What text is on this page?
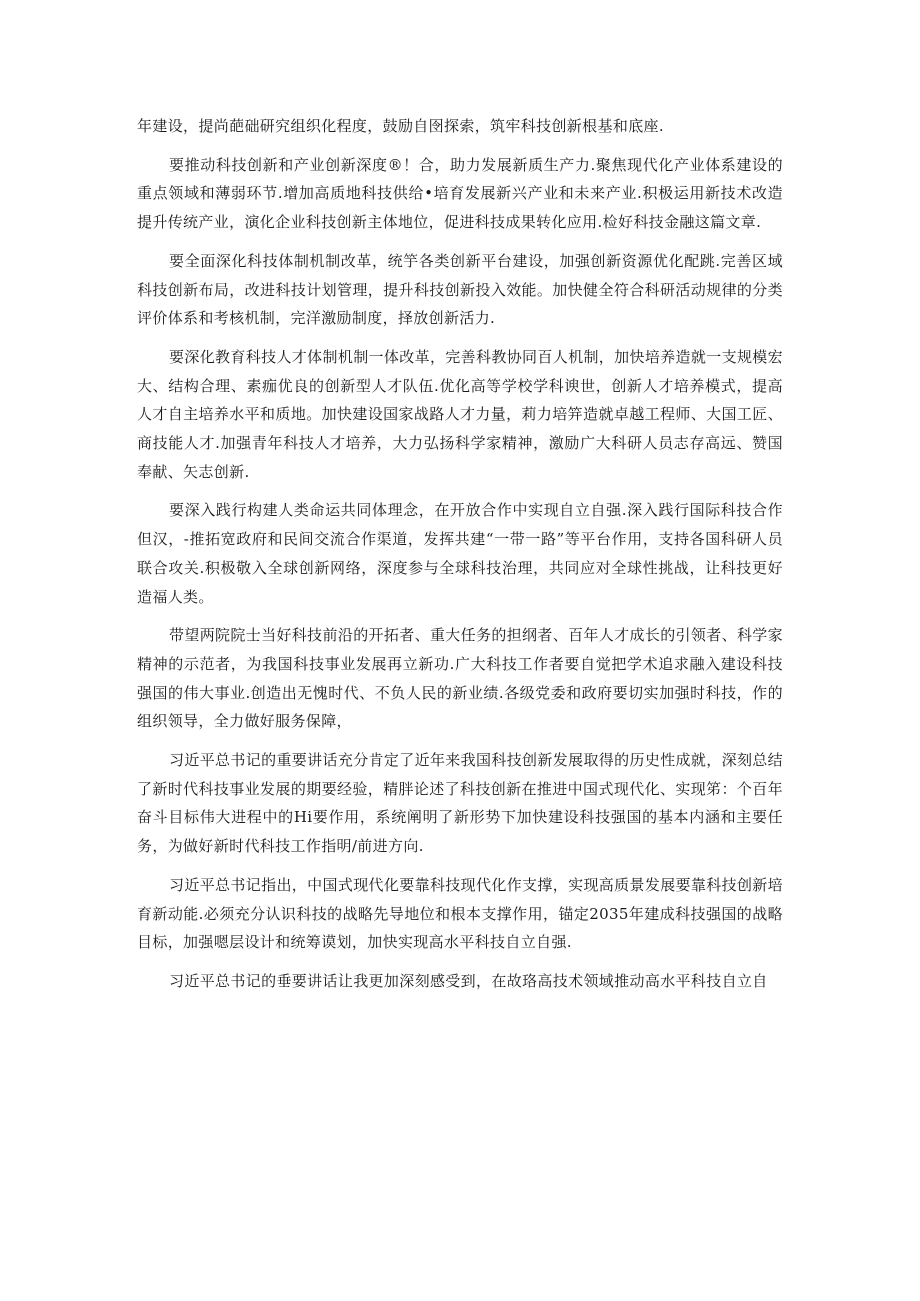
年建设，提尚葩础研究组织化程度，鼓励自囹探索，筑牢科技创新根基和底座.

要推动科技创新和产业创新深度®！合，助力发展新质生产力.聚焦现代化产业体系建设的重点领域和薄弱环节.增加高质地科技供给•培育发展新兴产业和未来产业.积极运用新技术改造提升传统产业，演化企业科技创新主体地位，促进科技成果转化应用.检好科技金融这篇文章.

要全面深化科技体制机制改革，统竽各类创新平台建设，加强创新资源优化配跳.完善区域科技创新布局，改进科技计划管理，提升科技创新投入效能。加快健全符合科研活动规律的分类评价体系和考核机制，完洋激励制度，择放创新活力.

要深化教育科技人才体制机制一体改革，完善科教协同百人机制，加快培养造就一支规模宏大、结构合理、素痂优良的创新型人才队伍.优化高等学校学科谀世，创新人才培养模式，提高人才自主培养水平和质地。加快建设国家战路人才力量，莉力培笄造就卓越工程师、大国工匠、商技能人才.加强青年科技人才培养，大力弘扬科学家精神，激励广大科研人员志存高远、赞国奉献、矢志创新.

要深入践行构建人类命运共同体理念，在开放合作中实现自立自强.深入践行国际科技合作但汉，-推拓宽政府和民间交流合作渠道，发挥共建“一带一路”等平台作用，支持各国科研人员联合攻关.积极敬入全球创新网络，深度参与全球科技治理，共同应对全球性挑战，让科技更好造福人类。

带望两院院士当好科技前沿的开拓者、重大任务的担纲者、百年人才成长的引领者、科学家精神的示范者，为我国科技事业发展再立新功.广大科技工作者要自觉把学术追求融入建设科技强国的伟大事业.创造出无愧时代、不负人民的新业绩.各级党委和政府要切实加强时科技，作的组织领导，全力做好服务保障，

习近平总书记的重要讲话充分肯定了近年来我国科技创新发展取得的历史性成就，深刻总结了新时代科技事业发展的期要经验，精胖论述了科技创新在推进中国式现代化、实现笫：个百年奋斗目标伟大进程中的Hi要作用，系统阐明了新形势下加快建设科技强国的基本内涵和主要任务，为做好新时代科技工作指明/前进方向.

习近平总书记指出，中国式现代化要靠科技现代化作支撑，实现高质景发展要靠科技创新培育新动能.必须充分认识科技的战略先导地位和根本支撑作用，锚定2035年建成科技强国的战略目标，加强嗯层设计和统筹谟划，加快实现高水平科技自立自强.

习近平总书记的垂要讲话让我更加深刻感受到，在故珞高技术领域推动高水平科技自立自
